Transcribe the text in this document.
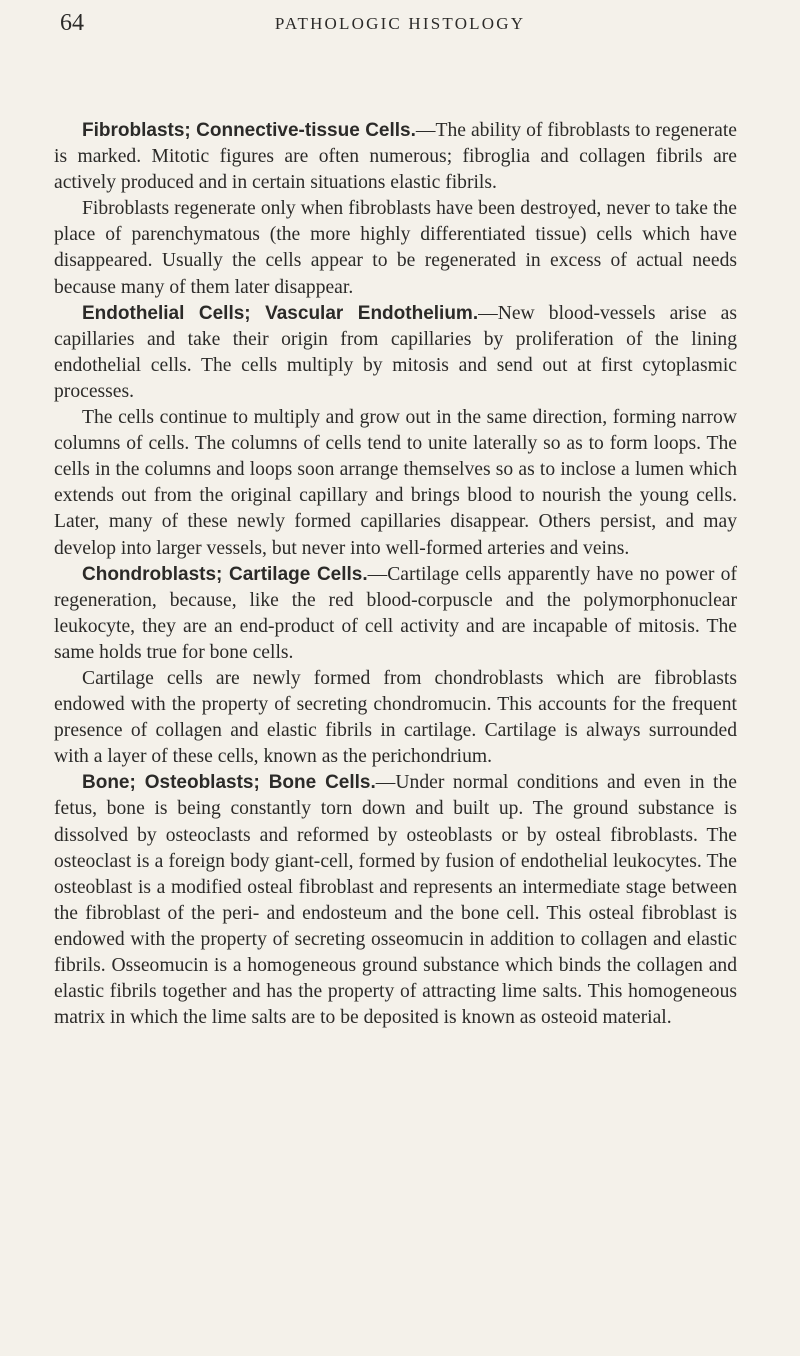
64	PATHOLOGIC HISTOLOGY

Fibroblasts; Connective-tissue Cells.—The ability of fibroblasts to regenerate is marked. Mitotic figures are often numerous; fibroglia and collagen fibrils are actively produced and in certain situations elastic fibrils.

Fibroblasts regenerate only when fibroblasts have been destroyed, never to take the place of parenchymatous (the more highly differentiated tissue) cells which have disappeared. Usually the cells appear to be regenerated in excess of actual needs because many of them later disappear.

Endothelial Cells; Vascular Endothelium.—New blood-vessels arise as capillaries and take their origin from capillaries by proliferation of the lining endothelial cells. The cells multiply by mitosis and send out at first cytoplasmic processes.

The cells continue to multiply and grow out in the same direction, forming narrow columns of cells. The columns of cells tend to unite laterally so as to form loops. The cells in the columns and loops soon arrange themselves so as to inclose a lumen which extends out from the original capillary and brings blood to nourish the young cells. Later, many of these newly formed capillaries disappear. Others persist, and may develop into larger vessels, but never into well-formed arteries and veins.

Chondroblasts; Cartilage Cells.—Cartilage cells apparently have no power of regeneration, because, like the red blood-corpuscle and the polymorphonuclear leukocyte, they are an end-product of cell activity and are incapable of mitosis. The same holds true for bone cells.

Cartilage cells are newly formed from chondroblasts which are fibroblasts endowed with the property of secreting chondromucin. This accounts for the frequent presence of collagen and elastic fibrils in cartilage. Cartilage is always surrounded with a layer of these cells, known as the perichondrium.

Bone; Osteoblasts; Bone Cells.—Under normal conditions and even in the fetus, bone is being constantly torn down and built up. The ground substance is dissolved by osteoclasts and reformed by osteoblasts or by osteal fibroblasts. The osteoclast is a foreign body giant-cell, formed by fusion of endothelial leukocytes. The osteoblast is a modified osteal fibroblast and represents an intermediate stage between the fibroblast of the peri- and endosteum and the bone cell. This osteal fibroblast is endowed with the property of secreting osseomucin in addition to collagen and elastic fibrils. Osseomucin is a homogeneous ground substance which binds the collagen and elastic fibrils together and has the property of attracting lime salts. This homogeneous matrix in which the lime salts are to be deposited is known as osteoid material.
